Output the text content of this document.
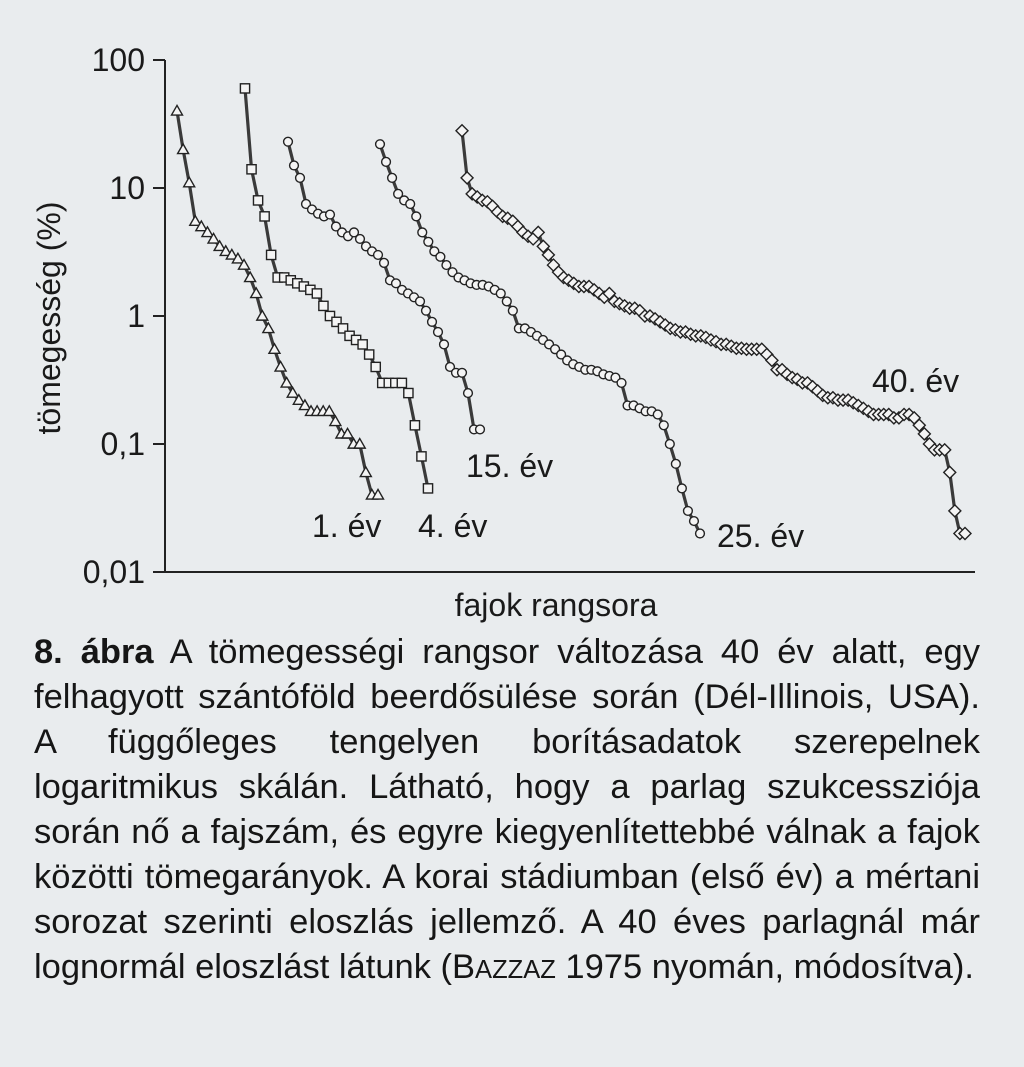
0,01
0,1
1
10
100
1. év 4. év
15. év
25. év
40. év
tömegesség (%)
fajok rangsora
8. ábra A tömegességi rangsor változása 40 év alatt, egy felhagyott szántóföld beerdősülése során (Dél-Illinois, USA). A függőleges tengelyen borításadatok szerepelnek logaritmikus skálán. Látható, hogy a parlag szukcessziója során nő a fajszám, és egyre kiegyenlítettebbé válnak a fajok közötti tömegarányok. A korai stádiumban (első év) a mértani sorozat szerinti eloszlás jellemző. A 40 éves parlagnál már lognormál eloszlást látunk (BAZZAZ 1975 nyomán, módosítva).
